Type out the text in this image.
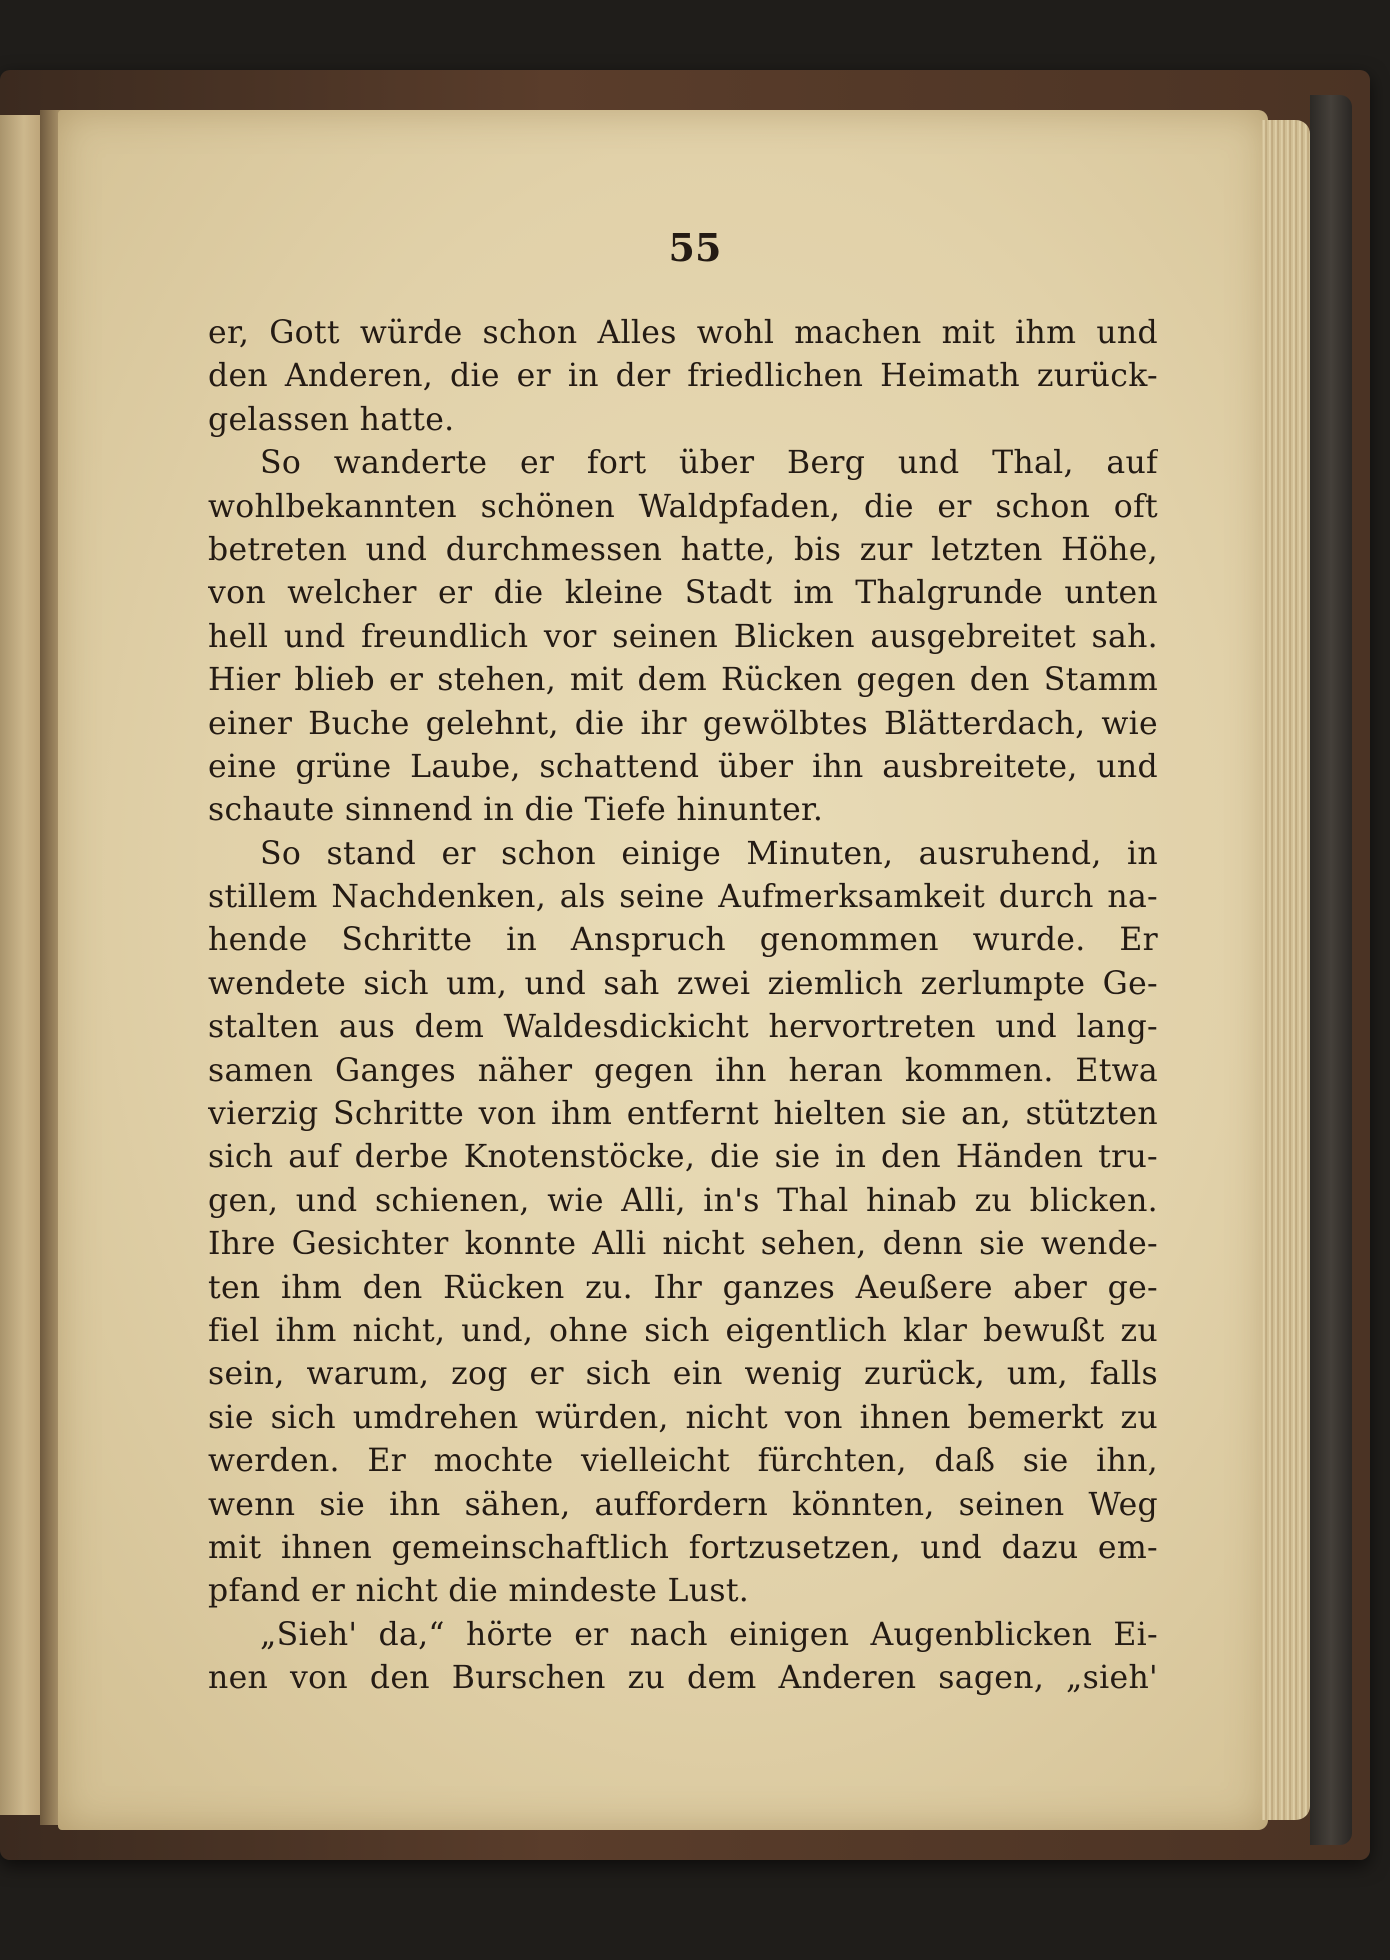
55
er, Gott würde schon Alles wohl machen mit ihm und
den Anderen, die er in der friedlichen Heimath zurück-
gelassen hatte.
So wanderte er fort über Berg und Thal, auf
wohlbekannten schönen Waldpfaden, die er schon oft
betreten und durchmessen hatte, bis zur letzten Höhe,
von welcher er die kleine Stadt im Thalgrunde unten
hell und freundlich vor seinen Blicken ausgebreitet sah.
Hier blieb er stehen, mit dem Rücken gegen den Stamm
einer Buche gelehnt, die ihr gewölbtes Blätterdach, wie
eine grüne Laube, schattend über ihn ausbreitete, und
schaute sinnend in die Tiefe hinunter.
So stand er schon einige Minuten, ausruhend, in
stillem Nachdenken, als seine Aufmerksamkeit durch na-
hende Schritte in Anspruch genommen wurde. Er
wendete sich um, und sah zwei ziemlich zerlumpte Ge-
stalten aus dem Waldesdickicht hervortreten und lang-
samen Ganges näher gegen ihn heran kommen. Etwa
vierzig Schritte von ihm entfernt hielten sie an, stützten
sich auf derbe Knotenstöcke, die sie in den Händen tru-
gen, und schienen, wie Alli, in's Thal hinab zu blicken.
Ihre Gesichter konnte Alli nicht sehen, denn sie wende-
ten ihm den Rücken zu. Ihr ganzes Aeußere aber ge-
fiel ihm nicht, und, ohne sich eigentlich klar bewußt zu
sein, warum, zog er sich ein wenig zurück, um, falls
sie sich umdrehen würden, nicht von ihnen bemerkt zu
werden. Er mochte vielleicht fürchten, daß sie ihn,
wenn sie ihn sähen, auffordern könnten, seinen Weg
mit ihnen gemeinschaftlich fortzusetzen, und dazu em-
pfand er nicht die mindeste Lust.
„Sieh' da,“ hörte er nach einigen Augenblicken Ei-
nen von den Burschen zu dem Anderen sagen, „sieh'
